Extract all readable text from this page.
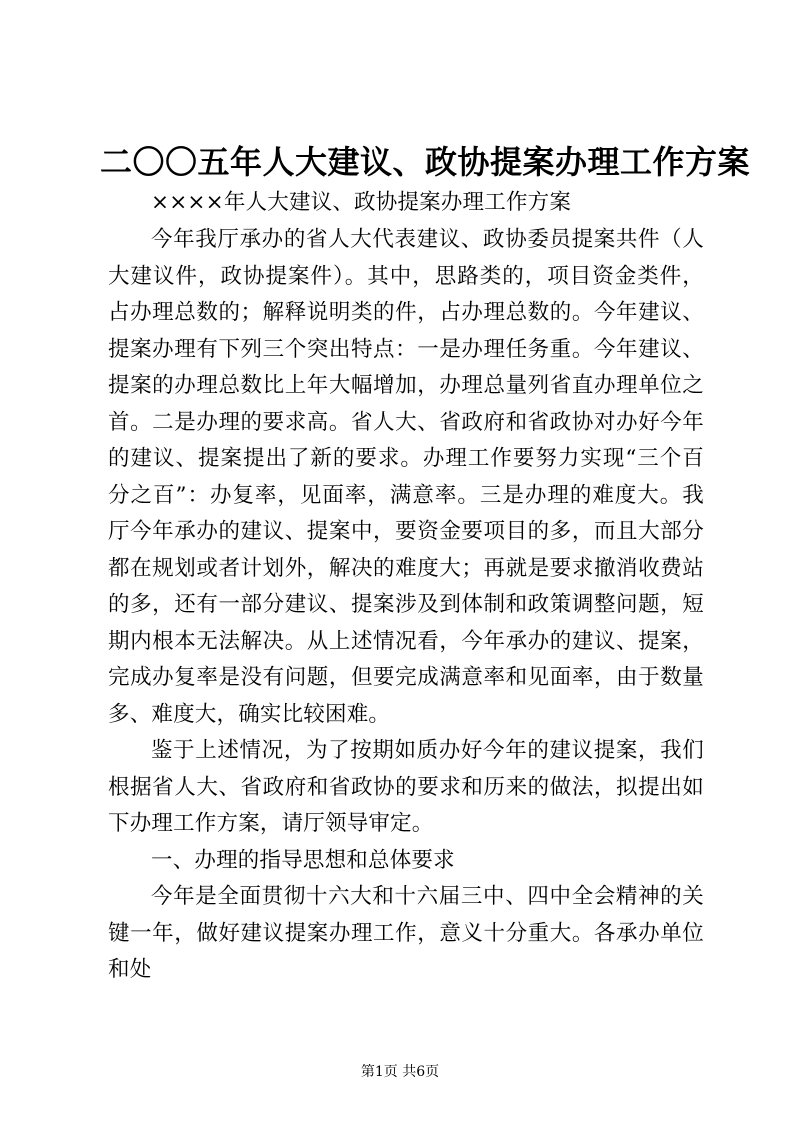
二〇〇五年人大建议、政协提案办理工作方案

××××年人大建议、政协提案办理工作方案

今年我厅承办的省人大代表建议、政协委员提案共件（人大建议件，政协提案件）。其中，思路类的，项目资金类件，占办理总数的；解释说明类的件，占办理总数的。今年建议、提案办理有下列三个突出特点：一是办理任务重。今年建议、提案的办理总数比上年大幅增加，办理总量列省直办理单位之首。二是办理的要求高。省人大、省政府和省政协对办好今年的建议、提案提出了新的要求。办理工作要努力实现“三个百分之百”：办复率，见面率，满意率。三是办理的难度大。我厅今年承办的建议、提案中，要资金要项目的多，而且大部分都在规划或者计划外，解决的难度大；再就是要求撤消收费站的多，还有一部分建议、提案涉及到体制和政策调整问题，短期内根本无法解决。从上述情况看，今年承办的建议、提案，完成办复率是没有问题，但要完成满意率和见面率，由于数量多、难度大，确实比较困难。

鉴于上述情况，为了按期如质办好今年的建议提案，我们根据省人大、省政府和省政协的要求和历来的做法，拟提出如下办理工作方案，请厅领导审定。

一、办理的指导思想和总体要求

今年是全面贯彻十六大和十六届三中、四中全会精神的关键一年，做好建议提案办理工作，意义十分重大。各承办单位和处

第1页 共6页
